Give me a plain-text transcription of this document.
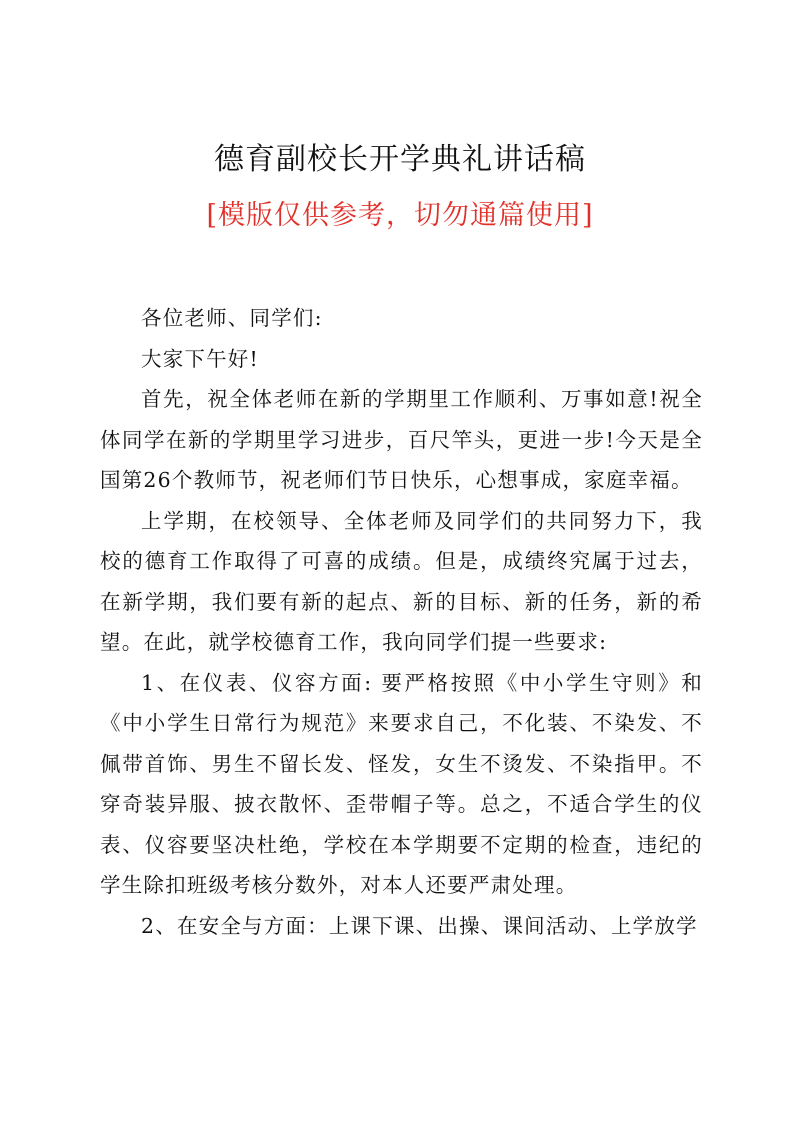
德育副校长开学典礼讲话稿
[模版仅供参考，切勿通篇使用]

各位老师、同学们:

大家下午好!

首先，祝全体老师在新的学期里工作顺利、万事如意!祝全体同学在新的学期里学习进步，百尺竿头，更进一步!今天是全国第26个教师节，祝老师们节日快乐，心想事成，家庭幸福。

上学期，在校领导、全体老师及同学们的共同努力下，我校的德育工作取得了可喜的成绩。但是，成绩终究属于过去，在新学期，我们要有新的起点、新的目标、新的任务，新的希望。在此，就学校德育工作，我向同学们提一些要求:

1、在仪表、仪容方面: 要严格按照《中小学生守则》和《中小学生日常行为规范》来要求自己，不化装、不染发、不佩带首饰、男生不留长发、怪发，女生不烫发、不染指甲。不穿奇装异服、披衣散怀、歪带帽子等。总之，不适合学生的仪表、仪容要坚决杜绝，学校在本学期要不定期的检查，违纪的学生除扣班级考核分数外，对本人还要严肃处理。

2、在安全与方面：上课下课、出操、课间活动、上学放学
